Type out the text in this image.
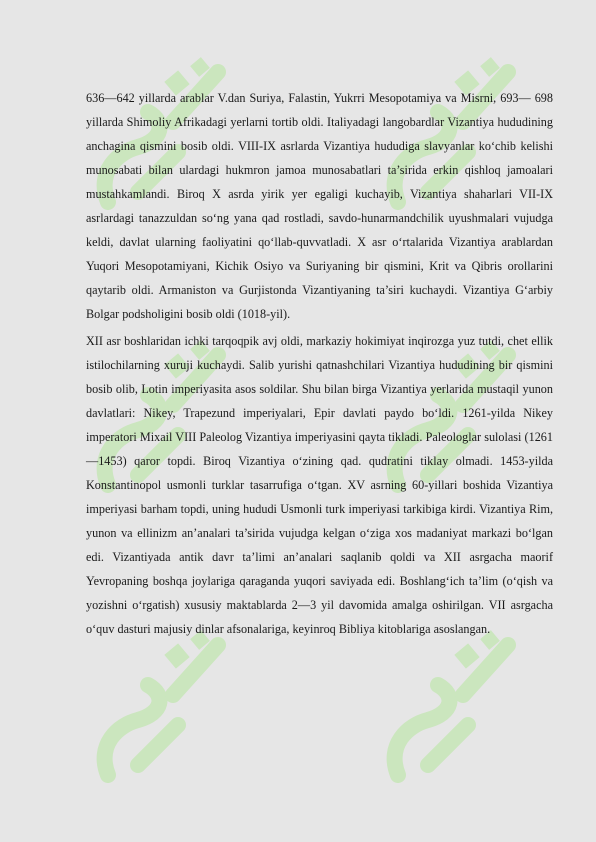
636—642 yillarda arablar V.dan Suriya, Falastin, Yukrri Mesopotamiya va Misrni, 693— 698 yillarda Shimoliy Afrikadagi yerlarni tortib oldi. Italiyadagi langobardlar Vizantiya hududining anchagina qismini bosib oldi. VIII-IX asrlarda Vizantiya hududiga slavyanlar ko‘chib kelishi munosabati bilan ulardagi hukmron jamoa munosabatlari ta’sirida erkin qishloq jamoalari mustahkamlandi. Biroq X asrda yirik yer egaligi kuchayib, Vizantiya shaharlari VII-IX asrlardagi tanazzuldan so‘ng yana qad rostladi, savdo-hunarmandchilik uyushmalari vujudga keldi, davlat ularning faoliyatini qo‘llab-quvvatladi. X asr o‘rtalarida Vizantiya arablardan Yuqori Mesopotamiyani, Kichik Osiyo va Suriyaning bir qismini, Krit va Qibris orollarini qaytarib oldi. Armaniston va Gurjistonda Vizantiyaning ta’siri kuchaydi. Vizantiya G‘arbiy Bolgar podsholigini bosib oldi (1018-yil).

XII asr boshlaridan ichki tarqoqpik avj oldi, markaziy hokimiyat inqirozga yuz tutdi, chet ellik istilochilarning xuruji kuchaydi. Salib yurishi qatnashchilari Vizantiya hududining bir qismini bosib olib, Lotin imperiyasita asos soldilar. Shu bilan birga Vizantiya yerlarida mustaqil yunon davlatlari: Nikey, Trapezund imperiyalari, Epir davlati paydo bo‘ldi. 1261-yilda Nikey imperatori Mixail VIII Paleolog Vizantiya imperiyasini qayta tikladi. Paleologlar sulolasi (1261—1453) qaror topdi. Biroq Vizantiya o‘zining qad. qudratini tiklay olmadi. 1453-yilda Konstantinopol usmonli turklar tasarrufiga o‘tgan. XV asrning 60-yillari boshida Vizantiya imperiyasi barham topdi, uning hududi Usmonli turk imperiyasi tarkibiga kirdi. Vizantiya Rim, yunon va ellinizm an’analari ta’sirida vujudga kelgan o‘ziga xos madaniyat markazi bo‘lgan edi. Vizantiyada antik davr ta’limi an’analari saqlanib qoldi va XII asrgacha maorif Yevropaning boshqa joylariga qaraganda yuqori saviyada edi. Boshlang‘ich ta’lim (o‘qish va yozishni o‘rgatish) xususiy maktablarda 2—3 yil davomida amalga oshirilgan. VII asrgacha o‘quv dasturi majusiy dinlar afsonalariga, keyinroq Bibliya kitoblariga asoslangan.
